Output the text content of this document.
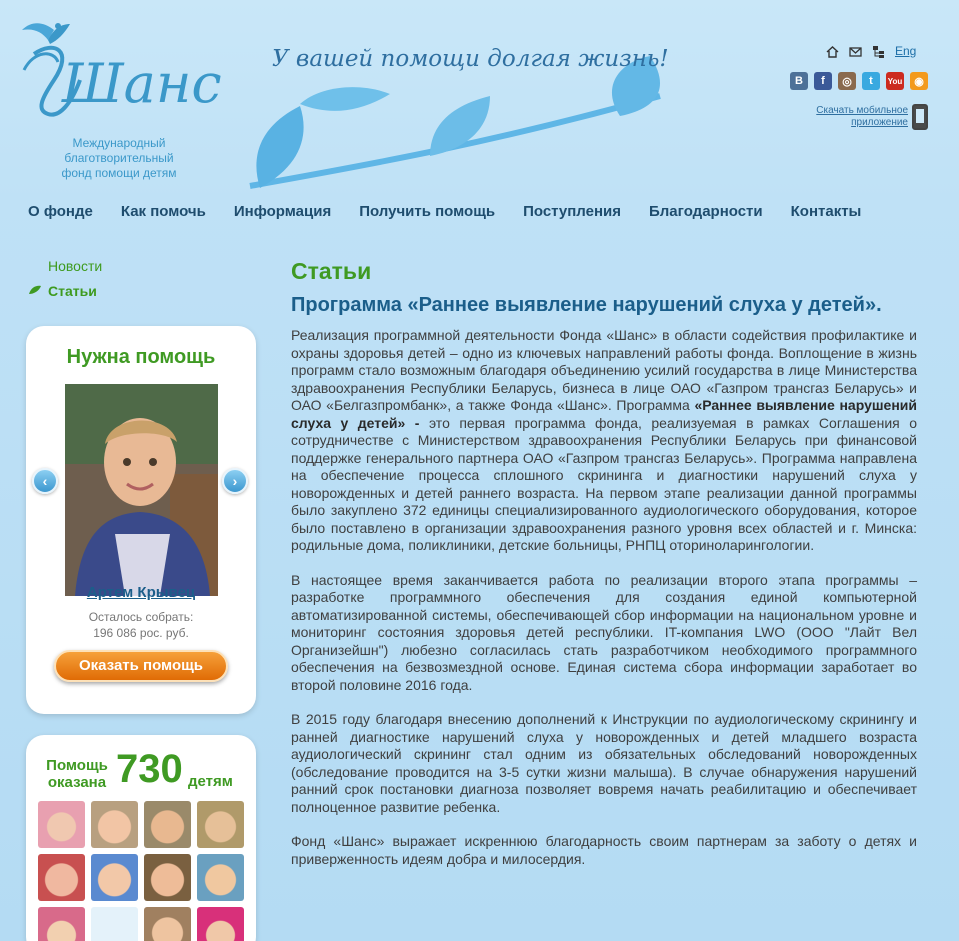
Шанс
Международный благотворительный
фонд помощи детям
У вашей помощи долгая жизнь!	Eng
В	f	◎	t	You	◉
Скачать мобильное приложение
О фонде Как помочь Информация Получить помощь Поступления Благодарности Контакты
Новости
Статьи
Нужна помощь
‹	›
Артем Крывец
Осталось собрать:
196 086 рос. руб.
Оказать помощь
Помощь оказана 730 детям
Статьи
Программа «Раннее выявление нарушений слуха у детей».

Реализация программной деятельности Фонда «Шанс» в области содействия профилактике и охраны здоровья детей – одно из ключевых направлений работы фонда. Воплощение в жизнь программ стало возможным благодаря объединению усилий государства в лице Министерства здравоохранения Республики Беларусь, бизнеса в лице ОАО «Газпром трансгаз Беларусь» и ОАО «Белгазпромбанк», а также Фонда «Шанс». Программа «Раннее выявление нарушений слуха у детей» - это первая программа фонда, реализуемая в рамках Соглашения о сотрудничестве с Министерством здравоохранения Республики Беларусь при финансовой поддержке генерального партнера ОАО «Газпром трансгаз Беларусь». Программа направлена на обеспечение процесса сплошного скрининга и диагностики нарушений слуха у новорожденных и детей раннего возраста. На первом этапе реализации данной программы было закуплено 372 единицы специализированного аудиологического оборудования, которое было поставлено в организации здравоохранения разного уровня всех областей и г. Минска: родильные дома, поликлиники, детские больницы, РНПЦ оториноларингологии.

В настоящее время заканчивается работа по реализации второго этапа программы – разработке программного обеспечения для создания единой компьютерной автоматизированной системы, обеспечивающей сбор информации на национальном уровне и мониторинг состояния здоровья детей республики. IT-компания LWO (ООО "Лайт Вел Организейшн") любезно согласилась стать разработчиком необходимого программного обеспечения на безвозмездной основе. Единая система сбора информации заработает во второй половине 2016 года.

В 2015 году благодаря внесению дополнений к Инструкции по аудиологическому скринингу и ранней диагностике нарушений слуха у новорожденных и детей младшего возраста аудиологический скрининг стал одним из обязательных обследований новорожденных (обследование проводится на 3-5 сутки жизни малыша). В случае обнаружения нарушений ранний срок постановки диагноза позволяет вовремя начать реабилитацию и обеспечивает полноценное развитие ребенка.

Фонд «Шанс» выражает искреннюю благодарность своим партнерам за заботу о детях и приверженность идеям добра и милосердия.
